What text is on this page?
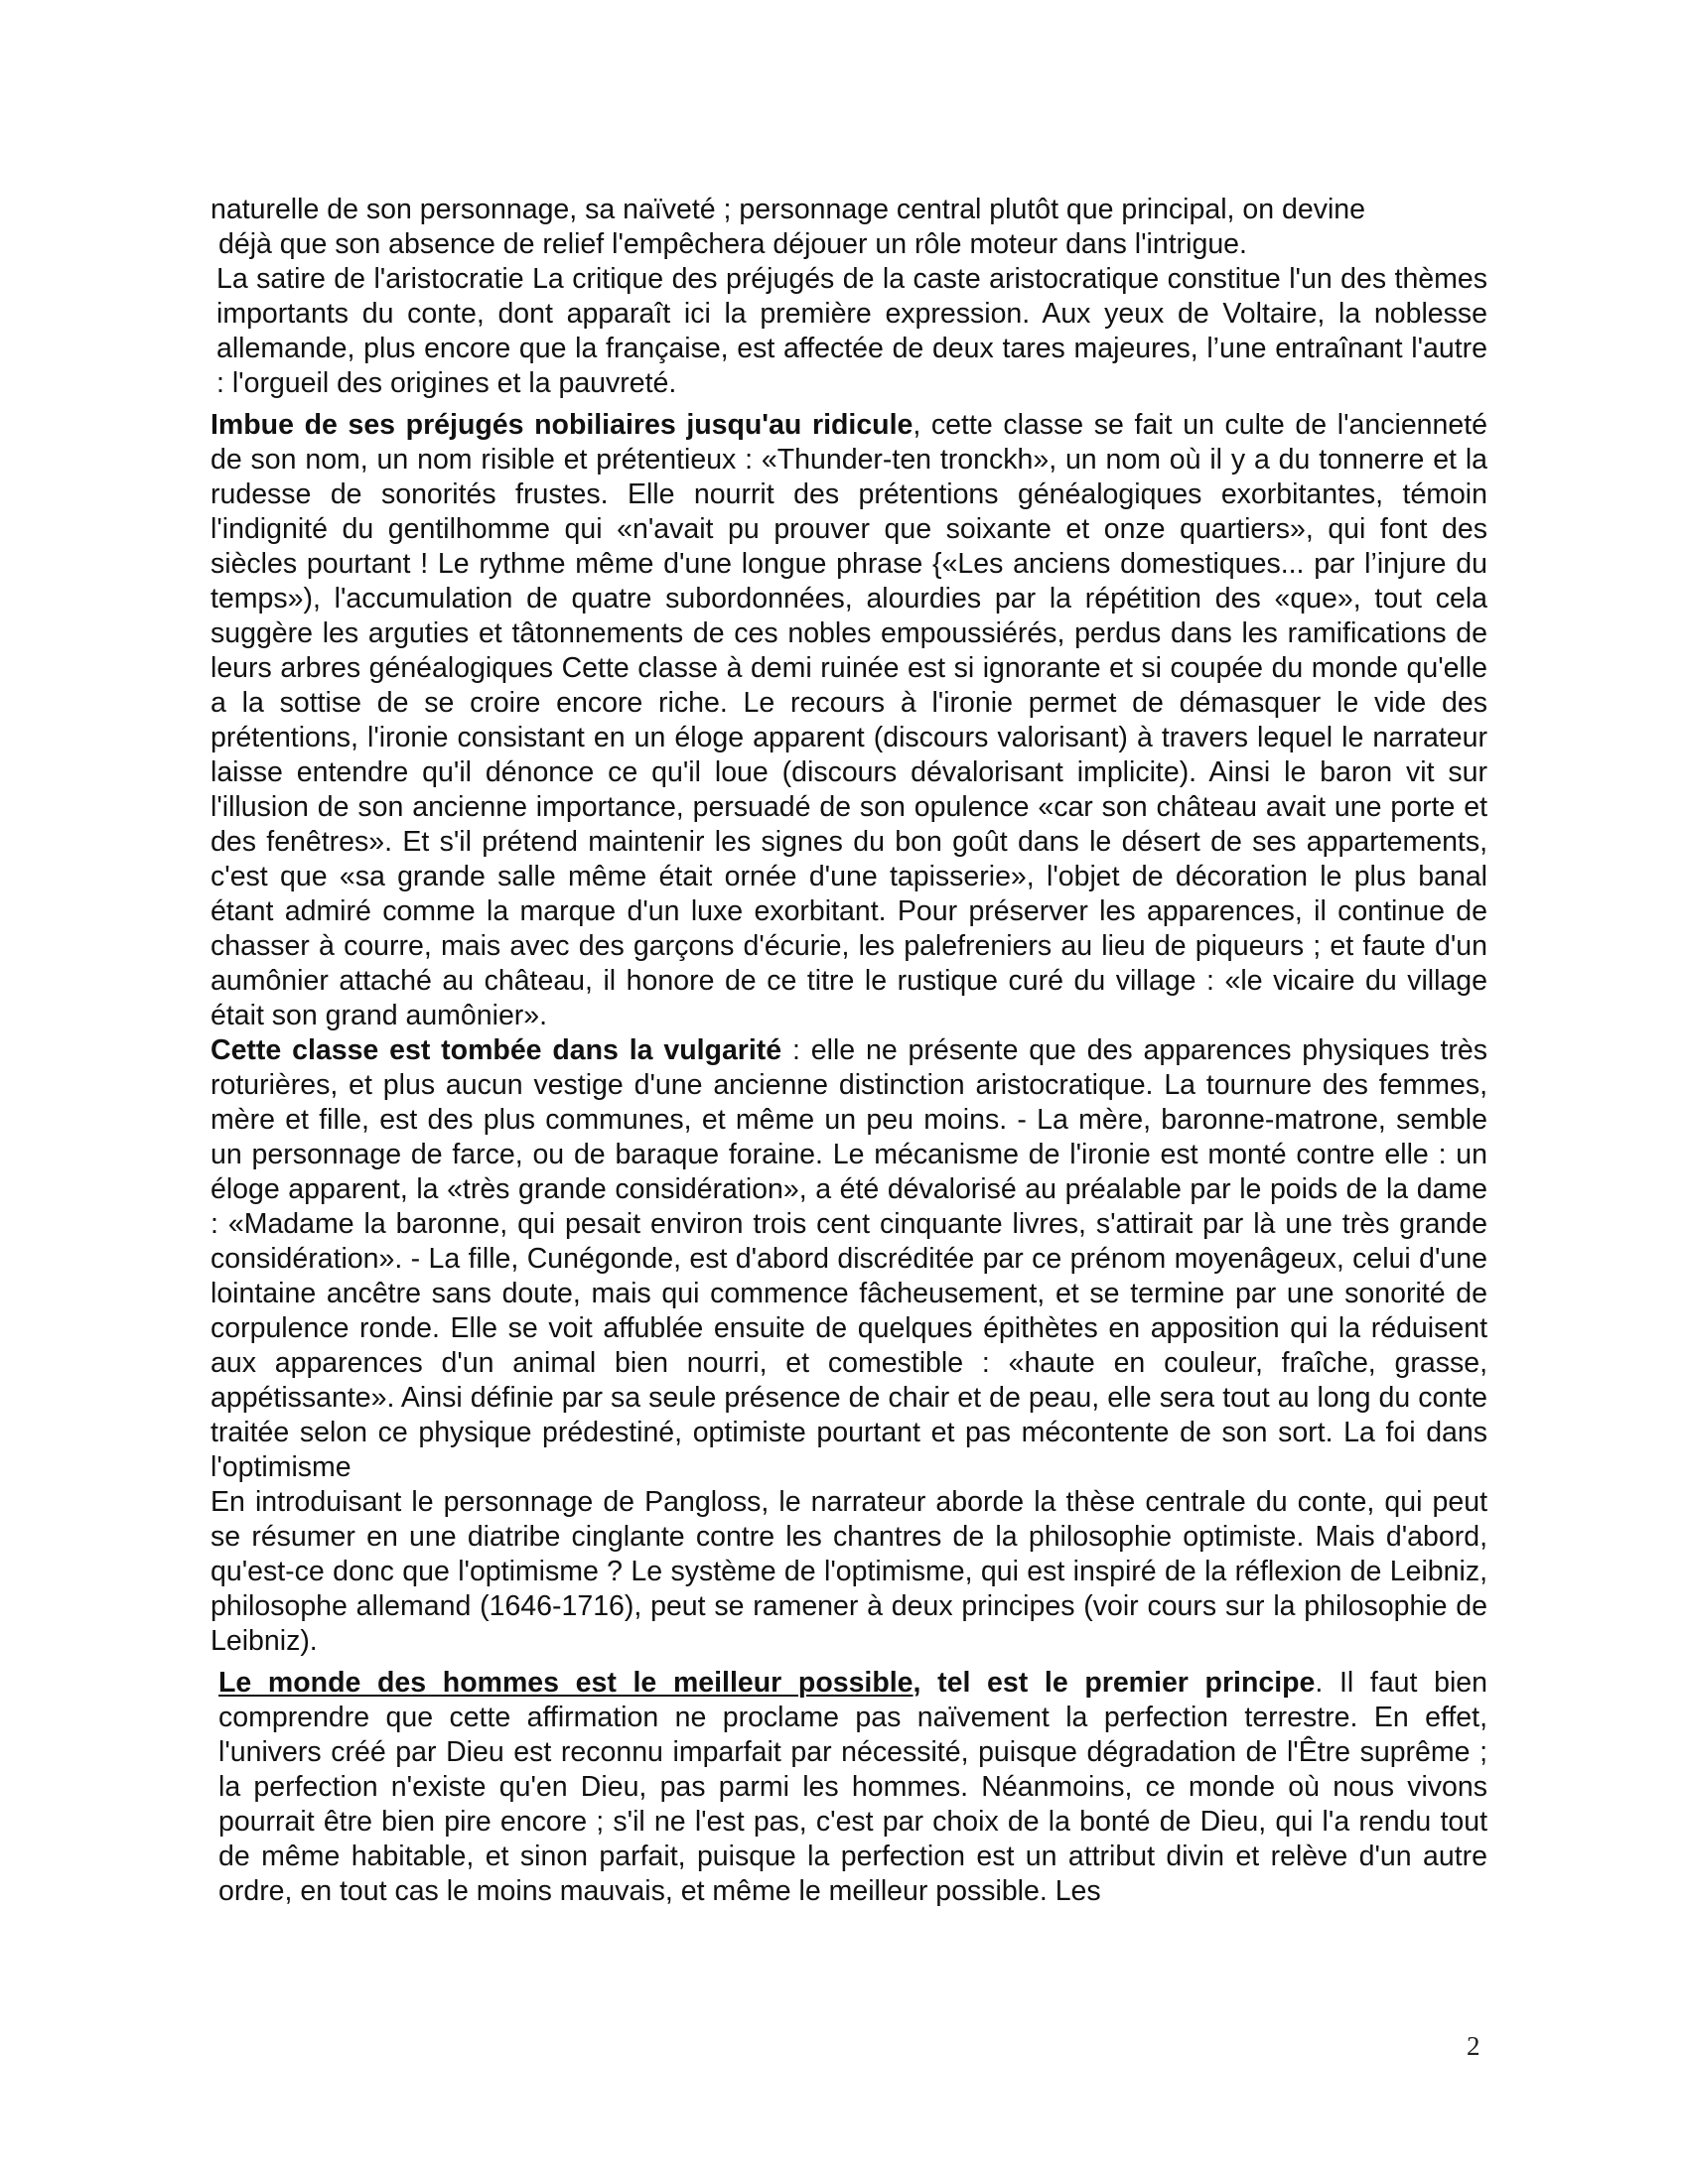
naturelle de son personnage, sa naïveté ; personnage central plutôt que principal, on devine
déjà que son absence de relief l'empêchera déjouer un rôle moteur dans l'intrigue.

La satire de l'aristocratie La critique des préjugés de la caste aristocratique constitue l'un des thèmes importants du conte, dont apparaît ici la première expression. Aux yeux de Voltaire, la noblesse allemande, plus encore que la française, est affectée de deux tares majeures, l’une entraînant l'autre : l'orgueil des origines et la pauvreté.

Imbue de ses préjugés nobiliaires jusqu'au ridicule, cette classe se fait un culte de l'ancienneté de son nom, un nom risible et prétentieux : «Thunder-ten tronckh», un nom où il y a du tonnerre et la rudesse de sonorités frustes. Elle nourrit des prétentions généalogiques exorbitantes, témoin l'indignité du gentilhomme qui «n'avait pu prouver que soixante et onze quartiers», qui font des siècles pourtant ! Le rythme même d'une longue phrase {«Les anciens domestiques... par l’injure du temps»), l'accumulation de quatre subordonnées, alourdies par la répétition des «que», tout cela suggère les arguties et tâtonnements de ces nobles empoussiérés, perdus dans les ramifications de leurs arbres généalogiques Cette classe à demi ruinée est si ignorante et si coupée du monde qu'elle a la sottise de se croire encore riche. Le recours à l'ironie permet de démasquer le vide des prétentions, l'ironie consistant en un éloge apparent (discours valorisant) à travers lequel le narrateur laisse entendre qu'il dénonce ce qu'il loue (discours dévalorisant implicite). Ainsi le baron vit sur l'illusion de son ancienne importance, persuadé de son opulence «car son château avait une porte et des fenêtres». Et s'il prétend maintenir les signes du bon goût dans le désert de ses appartements, c'est que «sa grande salle même était ornée d'une tapisserie», l'objet de décoration le plus banal étant admiré comme la marque d'un luxe exorbitant. Pour préserver les apparences, il continue de chasser à courre, mais avec des garçons d'écurie, les palefreniers au lieu de piqueurs ; et faute d'un aumônier attaché au château, il honore de ce titre le rustique curé du village : «le vicaire du village était son grand aumônier».

Cette classe est tombée dans la vulgarité : elle ne présente que des apparences physiques très roturières, et plus aucun vestige d'une ancienne distinction aristocratique. La tournure des femmes, mère et fille, est des plus communes, et même un peu moins. - La mère, baronne-matrone, semble un personnage de farce, ou de baraque foraine. Le mécanisme de l'ironie est monté contre elle : un éloge apparent, la «très grande considération», a été dévalorisé au préalable par le poids de la dame : «Madame la baronne, qui pesait environ trois cent cinquante livres, s'attirait par là une très grande considération». - La fille, Cunégonde, est d'abord discréditée par ce prénom moyenâgeux, celui d'une lointaine ancêtre sans doute, mais qui commence fâcheusement, et se termine par une sonorité de corpulence ronde. Elle se voit affublée ensuite de quelques épithètes en apposition qui la réduisent aux apparences d'un animal bien nourri, et comestible : «haute en couleur, fraîche, grasse, appétissante». Ainsi définie par sa seule présence de chair et de peau, elle sera tout au long du conte traitée selon ce physique prédestiné, optimiste pourtant et pas mécontente de son sort. La foi dans l'optimisme

En introduisant le personnage de Pangloss, le narrateur aborde la thèse centrale du conte, qui peut se résumer en une diatribe cinglante contre les chantres de la philosophie optimiste. Mais d'abord, qu'est-ce donc que l'optimisme ? Le système de l'optimisme, qui est inspiré de la réflexion de Leibniz, philosophe allemand (1646-1716), peut se ramener à deux principes (voir cours sur la philosophie de Leibniz).

Le monde des hommes est le meilleur possible, tel est le premier principe. Il faut bien comprendre que cette affirmation ne proclame pas naïvement la perfection terrestre. En effet, l'univers créé par Dieu est reconnu imparfait par nécessité, puisque dégradation de l'Être suprême ; la perfection n'existe qu'en Dieu, pas parmi les hommes. Néanmoins, ce monde où nous vivons pourrait être bien pire encore ; s'il ne l'est pas, c'est par choix de la bonté de Dieu, qui l'a rendu tout de même habitable, et sinon parfait, puisque la perfection est un attribut divin et relève d'un autre ordre, en tout cas le moins mauvais, et même le meilleur possible. Les

2
